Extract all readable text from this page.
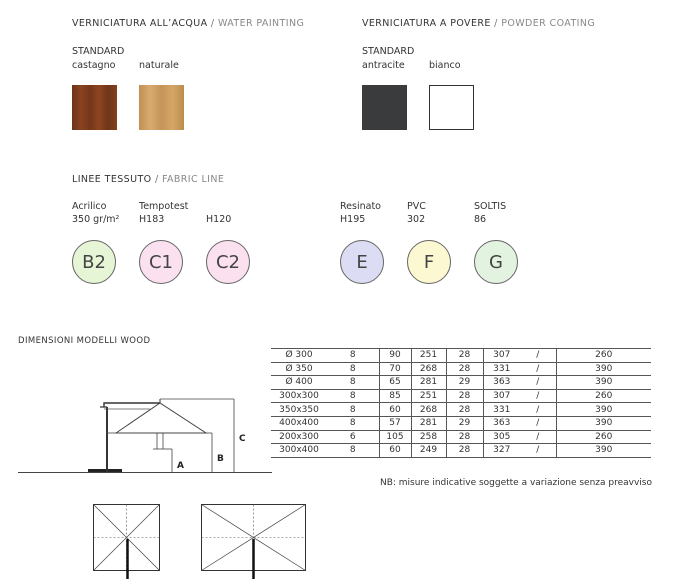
VERNICIATURA ALL’ACQUA / WATER PAINTING	VERNICIATURA A POVERE / POWDER COATING
STANDARD	STANDARD
castagno naturale	antracite	bianco
LINEE TESSUTO / FABRIC LINE
Acrilico
350 gr/m²
Tempotest
H183	H120
Resinato
H195
PVC
302
SOLTIS
86
B2	C1	C2	E	F	G
DIMENSIONI MODELLI WOOD
A
B
C
Ø 300	8	90	251	28	307	/	260
Ø 350	8	70	268	28	331	/	390
Ø 400	8	65	281	29	363	/	390
300x300	8	85	251	28	307	/	260
350x350	8	60	268	28	331	/	390
400x400	8	57	281	29	363	/	390
200x300	6	105	258	28	305	/	260
300x400	8	60	249	28	327	/	390
NB: misure indicative soggette a variazione senza preavviso
